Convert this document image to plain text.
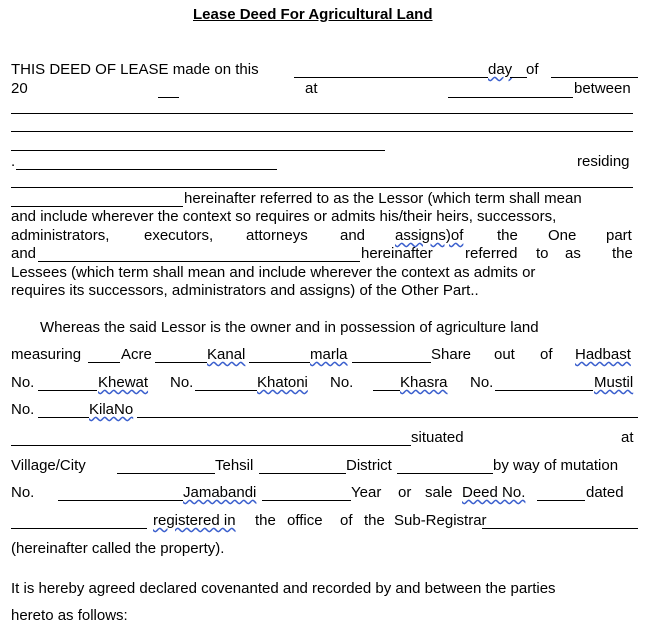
Lease Deed For Agricultural Land
THIS DEED OF LEASE made on this	day of
20	at	between
.	residing
hereinafter referred to as the Lessor (which term shall mean
and include wherever the context so requires or admits his/their heirs, successors,
administrators, executors, attorneys and assigns)of the One part
and	hereinafter referred to as the
Lessees (which term shall mean and include wherever the context as admits or
requires its successors, administrators and assigns) of the Other Part..
Whereas the said Lessor is the owner and in possession of agriculture land
measuring	Acre	Kanal	marla	Share out of Hadbast
No.	Khewat No.	Khatoni No.	Khasra No.	Mustil
No.	KilaNo
situated	at
Village/City	Tehsil	District	by way of mutation
No.	Jamabandi	Year or sale Deed No.	dated
registered in the office of the Sub-Registrar
(hereinafter called the property).
It is hereby agreed declared covenanted and recorded by and between the parties
hereto as follows:
